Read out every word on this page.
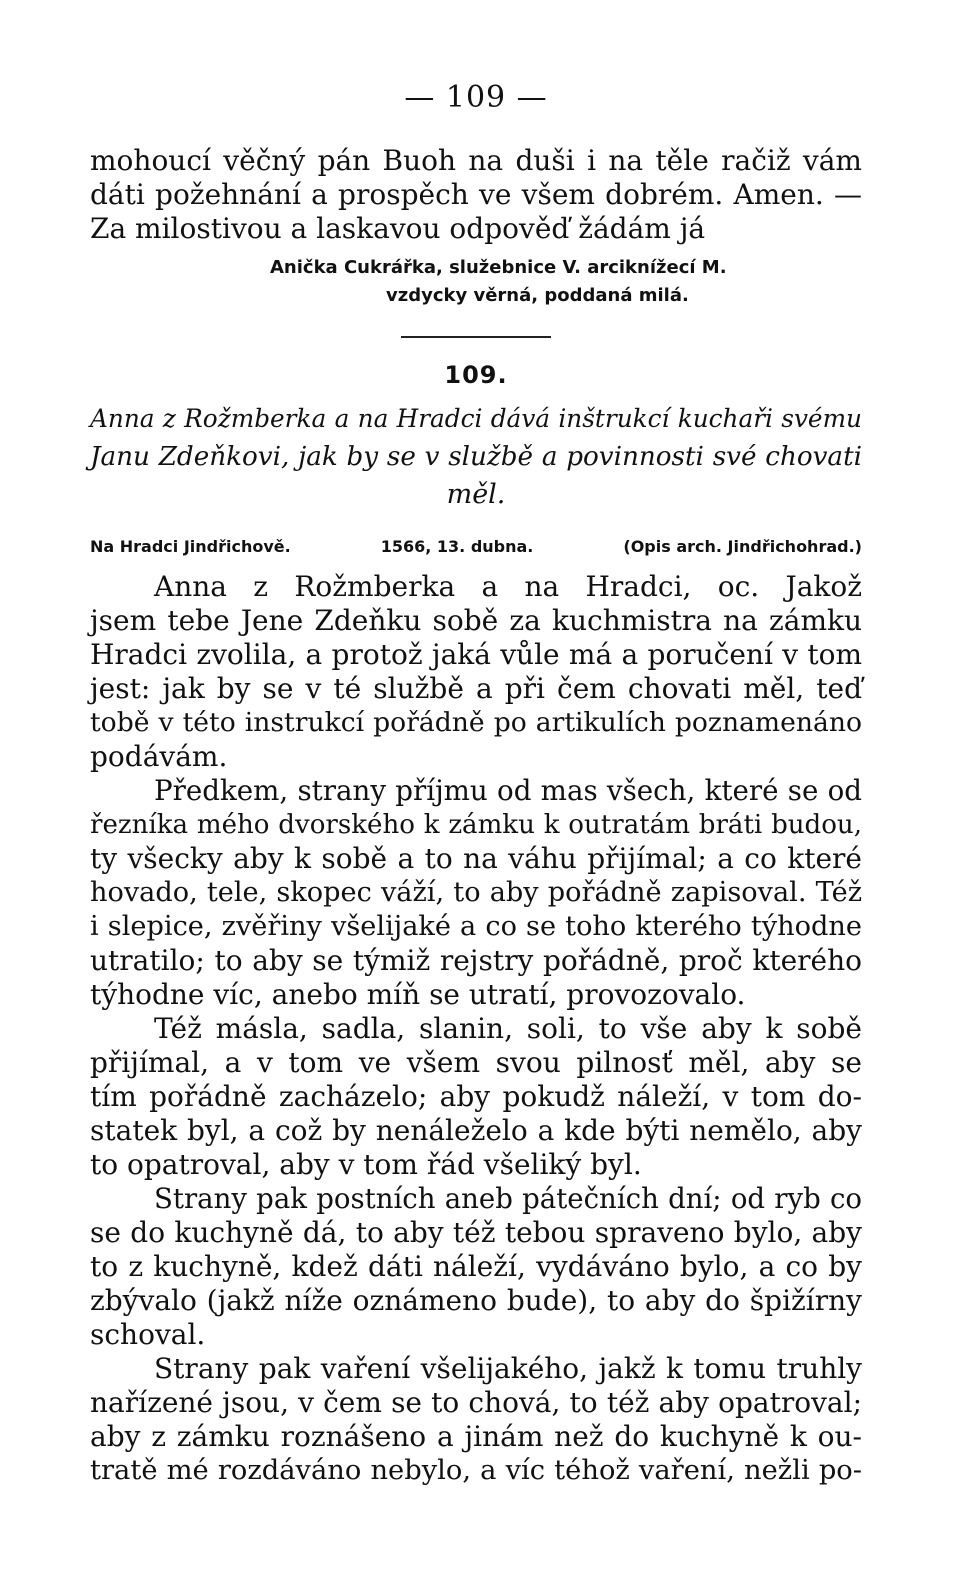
— 109 —
mohoucí věčný pán Buoh na duši i na těle račiž vám
dáti požehnání a prospěch ve všem dobrém. Amen. —
Za milostivou a laskavou odpověď žádám já
Anička Cukrářka, služebnice V. arciknížecí M.
vzdycky věrná, poddaná milá.
109.
Anna z Rožmberka a na Hradci dává inštrukcí kuchaři svému
Janu Zdeňkovi, jak by se v službě a povinnosti své chovati
měl.
Na Hradci Jindřichově.	1566, 13. dubna.	(Opis arch. Jindřichohrad.)
Anna z Rožmberka a na Hradci, oc. Jakož
jsem tebe Jene Zdeňku sobě za kuchmistra na zámku
Hradci zvolila, a protož jaká vůle má a poručení v tom
jest: jak by se v té službě a při čem chovati měl, teď
tobě v této instrukcí pořádně po artikulích poznamenáno
podávám.
Předkem, strany příjmu od mas všech, které se od
řezníka mého dvorského k zámku k outratám bráti budou,
ty všecky aby k sobě a to na váhu přijímal; a co které
hovado, tele, skopec váží, to aby pořádně zapisoval. Též
i slepice, zvěřiny všelijaké a co se toho kterého týhodne
utratilo; to aby se týmiž rejstry pořádně, proč kterého
týhodne víc, anebo míň se utratí, provozovalo.
Též másla, sadla, slanin, soli, to vše aby k sobě
přijímal, a v tom ve všem svou pilnosť měl, aby se
tím pořádně zacházelo; aby pokudž náleží, v tom do-
statek byl, a což by nenáleželo a kde býti nemělo, aby
to opatroval, aby v tom řád všeliký byl.
Strany pak postních aneb pátečních dní; od ryb co
se do kuchyně dá, to aby též tebou spraveno bylo, aby
to z kuchyně, kdež dáti náleží, vydáváno bylo, a co by
zbývalo (jakž níže oznámeno bude), to aby do špižírny
schoval.
Strany pak vaření všelijakého, jakž k tomu truhly
nařízené jsou, v čem se to chová, to též aby opatroval;
aby z zámku roznášeno a jinám než do kuchyně k ou-
tratě mé rozdáváno nebylo, a víc téhož vaření, nežli po-
